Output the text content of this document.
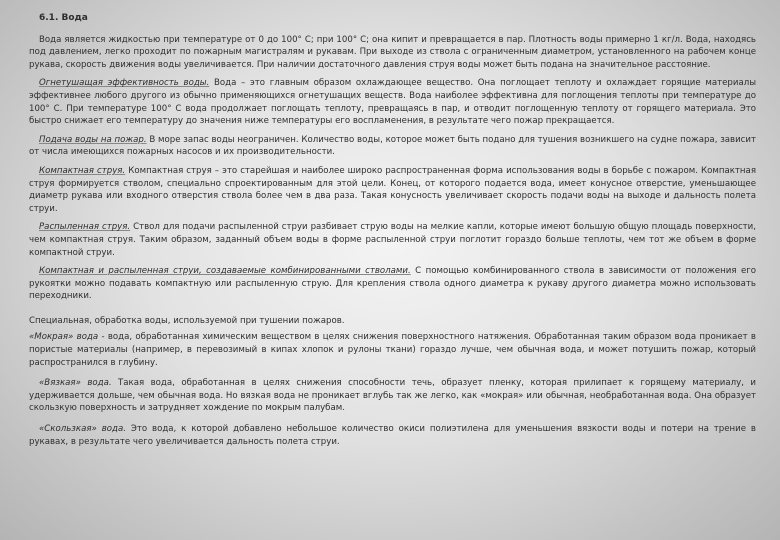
6.1. Вода

Вода является жидкостью при температуре от 0 до 100° С; при 100° С; она кипит и превращается в пар. Плотность воды примерно 1 кг/л. Вода, находясь под давлением, легко проходит по пожарным магистралям и рукавам. При выходе из ствола с ограниченным диаметром, установленного на рабочем конце рукава, скорость движения воды увеличивается. При наличии достаточного давления струя воды может быть подана на значительное расстояние.

Огнетушащая эффективность воды. Вода – это главным образом охлаждающее вещество. Она поглощает теплоту и охлаждает горящие материалы эффективнее любого другого из обычно применяющихся огнетушащих веществ. Вода наиболее эффективна для поглощения теплоты при температуре до 100° С. При температуре 100° С вода продолжает поглощать теплоту, превращаясь в пар, и отводит поглощенную теплоту от горящего материала. Это быстро снижает его температуру до значения ниже температуры его воспламенения, в результате чего пожар прекращается.

Подача воды на пожар. В море запас воды неограничен. Количество воды, которое может быть подано для тушения возникшего на судне пожара, зависит от числа имеющихся пожарных насосов и их производительности.

Компактная струя. Компактная струя – это старейшая и наиболее широко распространенная форма использования воды в борьбе с пожаром. Компактная струя формируется стволом, специально спроектированным для этой цели. Конец, от которого подается вода, имеет конусное отверстие, уменьшающее диаметр рукава или входного отверстия ствола более чем в два раза. Такая конусность увеличивает скорость подачи воды на выходе и дальность полета струи.

Распыленная струя. Ствол для подачи распыленной струи разбивает струю воды на мелкие капли, которые имеют большую общую площадь поверхности, чем компактная струя. Таким образом, заданный объем воды в форме распыленной струи поглотит гораздо больше теплоты, чем тот же объем в форме компактной струи.

Компактная и распыленная струи, создаваемые комбинированными стволами. С помощью комбинированного ствола в зависимости от положения его рукоятки можно подавать компактную или распыленную струю. Для крепления ствола одного диаметра к рукаву другого диаметра можно использовать переходники.

Специальная, обработка воды, используемой при тушении пожаров.

«Мокрая» вода - вода, обработанная химическим веществом в целях снижения поверхностного натяжения. Обработанная таким образом вода проникает в пористые материалы (например, в перевозимый в кипах хлопок и рулоны ткани) гораздо лучше, чем обычная вода, и может потушить пожар, который распространился в глубину.

«Вязкая» вода. Такая вода, обработанная в целях снижения способности течь, образует пленку, которая прилипает к горящему материалу, и удерживается дольше, чем обычная вода. Но вязкая вода не проникает вглубь так же легко, как «мокрая» или обычная, необработанная вода. Она образует скользкую поверхность и затрудняет хождение по мокрым палубам.

«Скользкая» вода. Это вода, к которой добавлено небольшое количество окиси полиэтилена для уменьшения вязкости воды и потери на трение в рукавах, в результате чего увеличивается дальность полета струи.
